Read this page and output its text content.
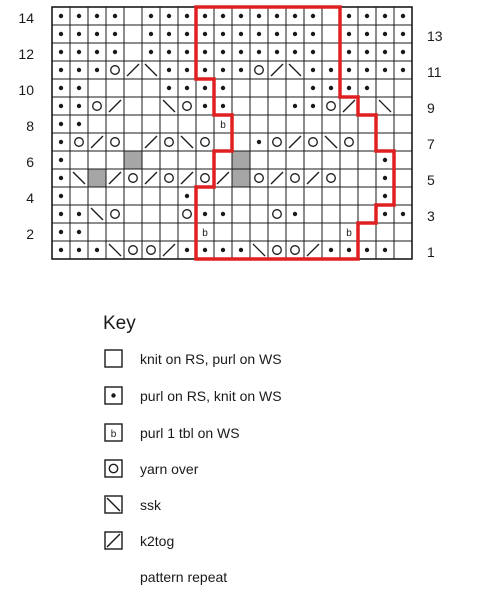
b
b	b
14
12
10
8
6
4
2
13
11
9
7
5
3
1
Key
knit on RS, purl on WS
purl on RS, knit on WS
b purl 1 tbl on WS
yarn over
ssk
k2tog
pattern repeat
